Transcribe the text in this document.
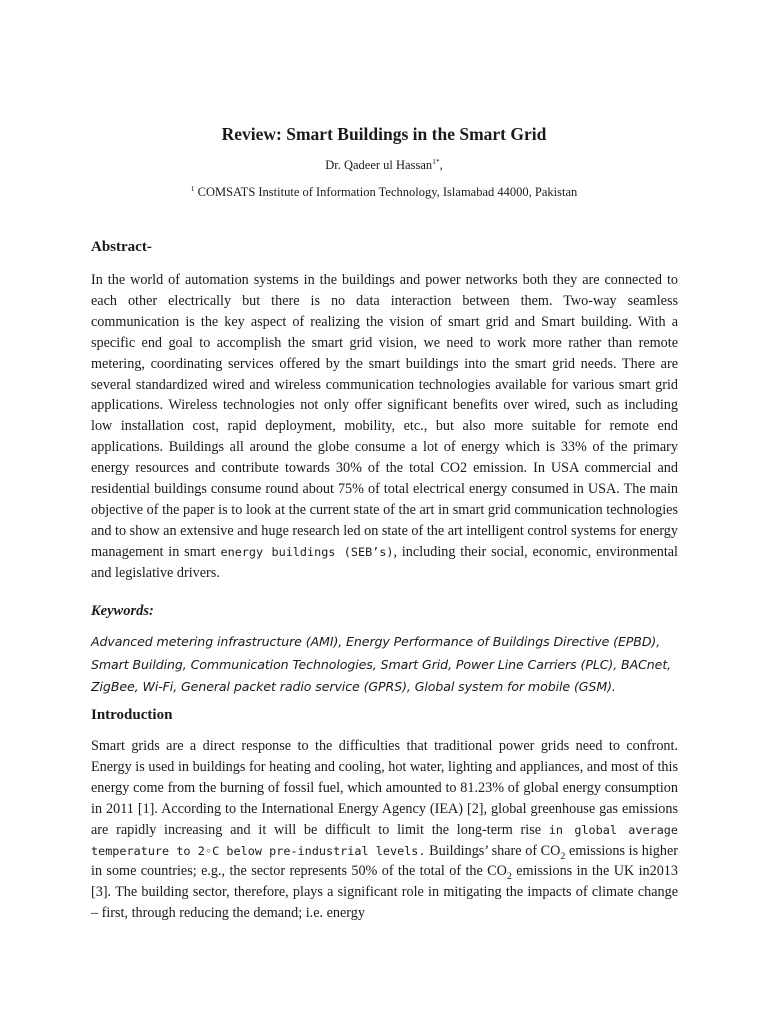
Review: Smart Buildings in the Smart Grid
Dr. Qadeer ul Hassan$^{1*}$,
$^1$ COMSATS Institute of Information Technology, Islamabad 44000, Pakistan
Abstract-

In the world of automation systems in the buildings and power networks both they are connected to each other electrically but there is no data interaction between them. Two-way seamless communication is the key aspect of realizing the vision of smart grid and Smart building. With a specific end goal to accomplish the smart grid vision, we need to work more rather than remote metering, coordinating services offered by the smart buildings into the smart grid needs. There are several standardized wired and wireless communication technologies available for various smart grid applications. Wireless technologies not only offer significant benefits over wired, such as including low installation cost, rapid deployment, mobility, etc., but also more suitable for remote end applications. Buildings all around the globe consume a lot of energy which is 33% of the primary energy resources and contribute towards 30% of the total CO2 emission. In USA commercial and residential buildings consume round about 75% of total electrical energy consumed in USA. The main objective of the paper is to look at the current state of the art in smart grid communication technologies and to show an extensive and huge research led on state of the art intelligent control systems for energy management in smart energy buildings (SEB’s), including their social, economic, environmental and legislative drivers.

Keywords:

Advanced metering infrastructure (AMI), Energy Performance of Buildings Directive (EPBD), Smart Building, Communication Technologies, Smart Grid, Power Line Carriers (PLC), BACnet, ZigBee, Wi-Fi, General packet radio service (GPRS), Global system for mobile (GSM).

Introduction

Smart grids are a direct response to the difficulties that traditional power grids need to confront. Energy is used in buildings for heating and cooling, hot water, lighting and appliances, and most of this energy come from the burning of fossil fuel, which amounted to 81.23% of global energy consumption in 2011 [1]. According to the International Energy Agency (IEA) [2], global greenhouse gas emissions are rapidly increasing and it will be difficult to limit the long-term rise in global average temperature to 2◦C below pre-industrial levels. Buildings’ share of $CO_2$ emissions is higher in some countries; e.g., the sector represents 50% of the total of the $CO_2$ emissions in the UK in2013 [3]. The building sector, therefore, plays a significant role in mitigating the impacts of climate change – first, through reducing the demand; i.e. energy
